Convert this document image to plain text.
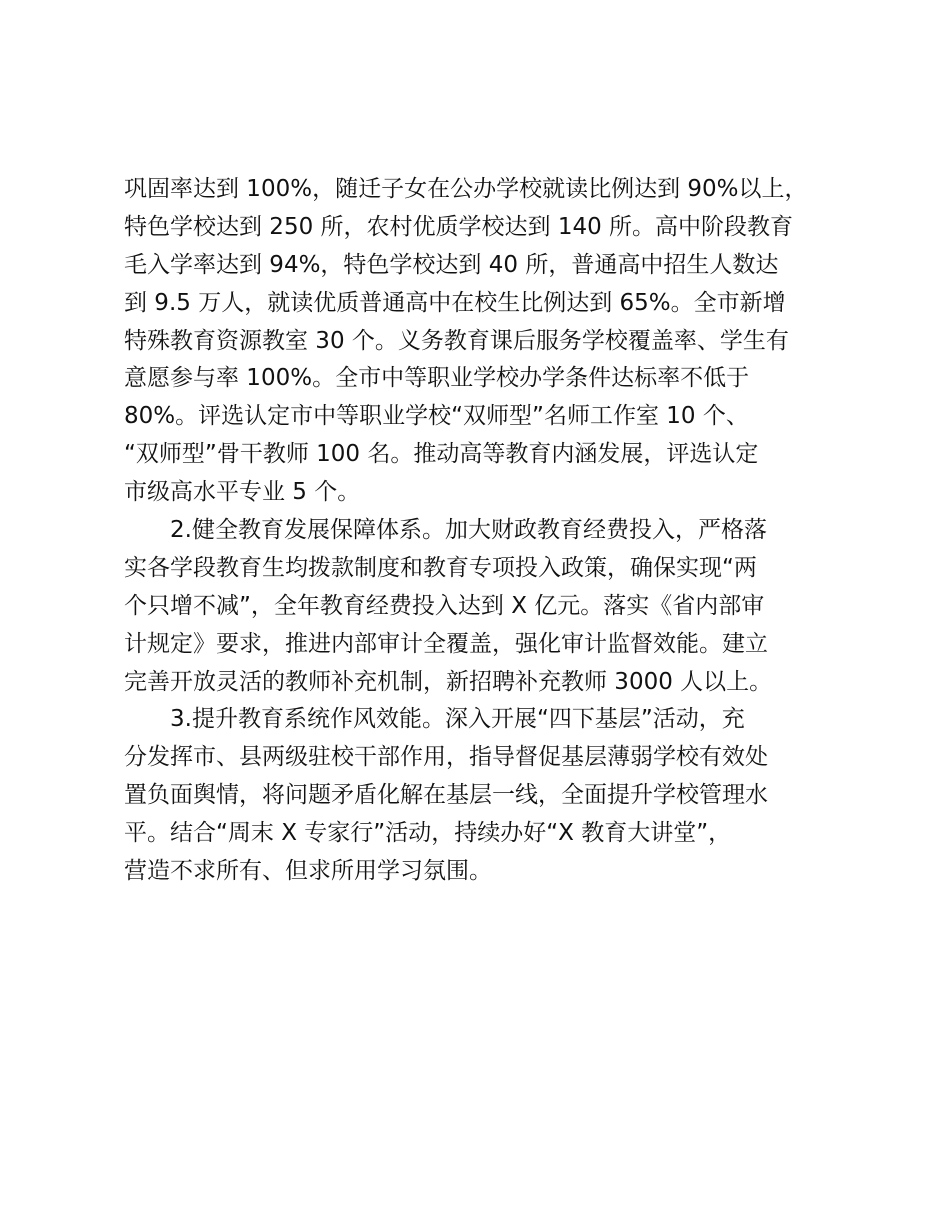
巩固率达到 100%，随迁子女在公办学校就读比例达到 90%以上，
特色学校达到 250 所，农村优质学校达到 140 所。高中阶段教育
毛入学率达到 94%，特色学校达到 40 所，普通高中招生人数达
到 9.5 万人，就读优质普通高中在校生比例达到 65%。全市新增
特殊教育资源教室 30 个。义务教育课后服务学校覆盖率、学生有
意愿参与率 100%。全市中等职业学校办学条件达标率不低于
80%。评选认定市中等职业学校“双师型”名师工作室 10 个、
“双师型”骨干教师 100 名。推动高等教育内涵发展，评选认定
市级高水平专业 5 个。
2.健全教育发展保障体系。加大财政教育经费投入，严格落
实各学段教育生均拨款制度和教育专项投入政策，确保实现“两
个只增不减”，全年教育经费投入达到 X 亿元。落实《省内部审
计规定》要求，推进内部审计全覆盖，强化审计监督效能。建立
完善开放灵活的教师补充机制，新招聘补充教师 3000 人以上。
3.提升教育系统作风效能。深入开展“四下基层”活动，充
分发挥市、县两级驻校干部作用，指导督促基层薄弱学校有效处
置负面舆情，将问题矛盾化解在基层一线，全面提升学校管理水
平。结合“周末 X 专家行”活动，持续办好“X 教育大讲堂”，
营造不求所有、但求所用学习氛围。
